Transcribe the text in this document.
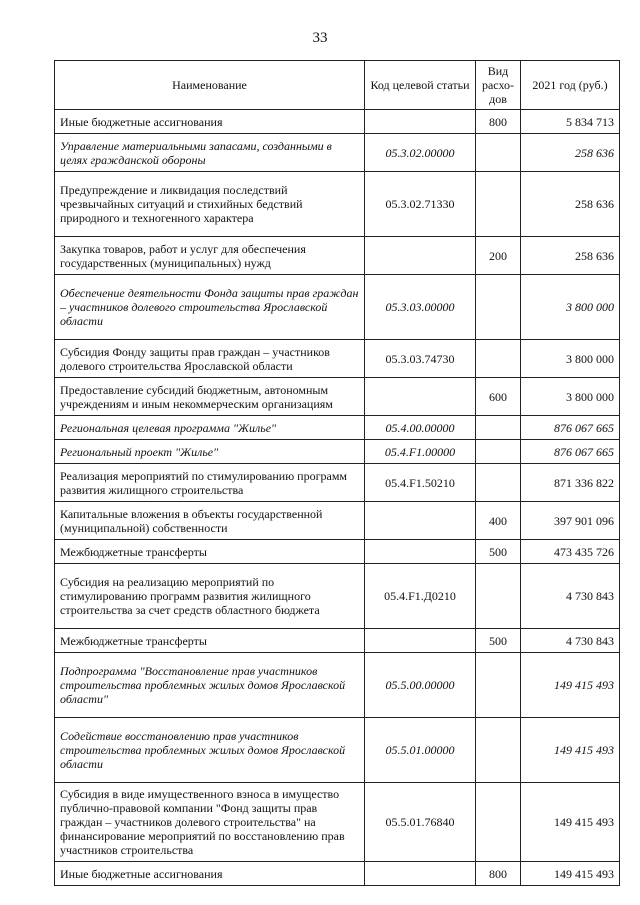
33
Наименование	Код целевой статьи	Вид расхо-дов	2021 год (руб.)
Иные бюджетные ассигнования		800	5 834 713
Управление материальными запасами, созданными в целях гражданской обороны	05.3.02.00000		258 636
Предупреждение и ликвидация последствий чрезвычайных ситуаций и стихийных бедствий природного и техногенного характера	05.3.02.71330		258 636
Закупка товаров, работ и услуг для обеспечения государственных (муниципальных) нужд		200	258 636
Обеспечение деятельности Фонда защиты прав граждан – участников долевого строительства Ярославской области	05.3.03.00000		3 800 000
Субсидия Фонду защиты прав граждан – участников долевого строительства Ярославской области	05.3.03.74730		3 800 000
Предоставление субсидий бюджетным, автономным учреждениям и иным некоммерческим организациям		600	3 800 000
Региональная целевая программа "Жилье"	05.4.00.00000		876 067 665
Региональный проект "Жилье"	05.4.F1.00000		876 067 665
Реализация мероприятий по стимулированию программ развития жилищного строительства	05.4.F1.50210		871 336 822
Капитальные вложения в объекты государственной (муниципальной) собственности		400	397 901 096
Межбюджетные трансферты		500	473 435 726
Субсидия на реализацию мероприятий по стимулированию программ развития жилищного строительства за счет средств областного бюджета	05.4.F1.Д0210		4 730 843
Межбюджетные трансферты		500	4 730 843
Подпрограмма "Восстановление прав участников строительства проблемных жилых домов Ярославской области"	05.5.00.00000		149 415 493
Содействие восстановлению прав участников строительства проблемных жилых домов Ярославской области	05.5.01.00000		149 415 493
Субсидия в виде имущественного взноса в имущество публично-правовой компании "Фонд защиты прав граждан – участников долевого строительства" на финансирование мероприятий по восстановлению прав участников строительства	05.5.01.76840		149 415 493
Иные бюджетные ассигнования		800	149 415 493
